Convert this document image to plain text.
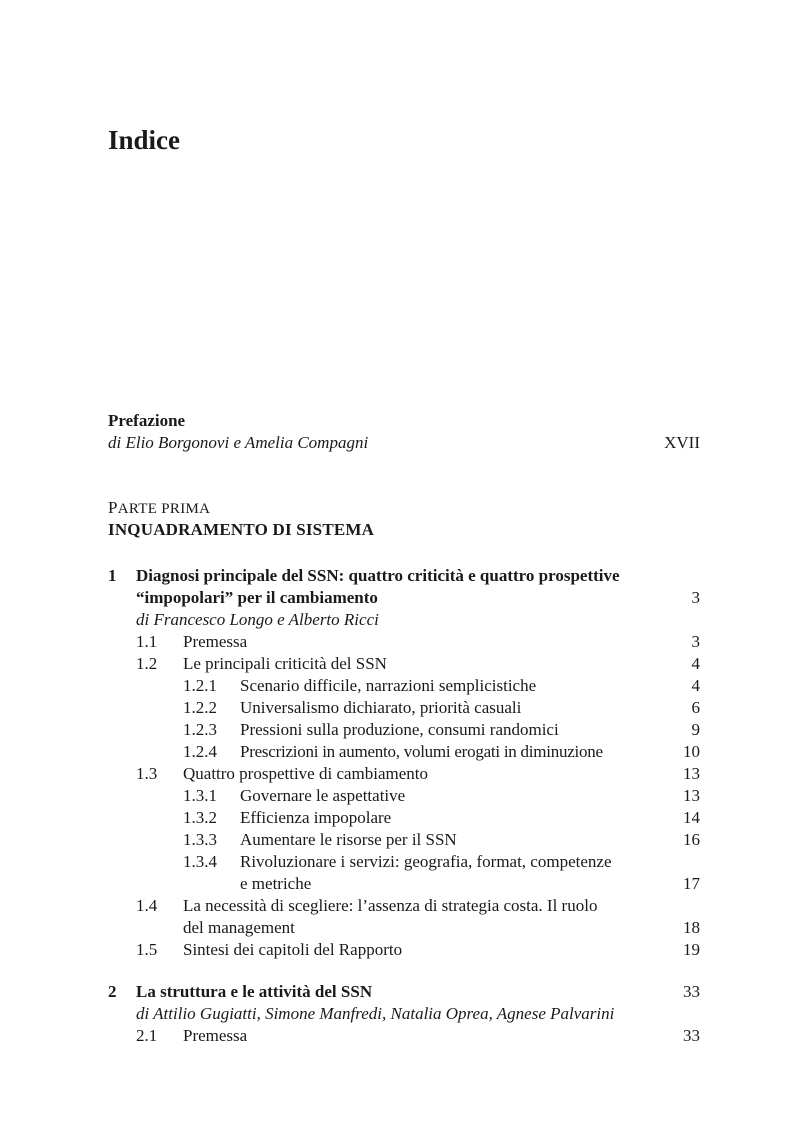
Indice
Prefazione
di Elio Borgonovi e Amelia Compagni	XVII
PARTE PRIMA
INQUADRAMENTO DI SISTEMA
1 Diagnosi principale del SSN: quattro criticità e quattro prospettive
“impopolari” per il cambiamento	3
di Francesco Longo e Alberto Ricci
1.1 Premessa	3
1.2 Le principali criticità del SSN	4
1.2.1 Scenario difficile, narrazioni semplicistiche	4
1.2.2 Universalismo dichiarato, priorità casuali	6
1.2.3 Pressioni sulla produzione, consumi randomici	9
1.2.4 Prescrizioni in aumento, volumi erogati in diminuzione	10
1.3 Quattro prospettive di cambiamento	13
1.3.1 Governare le aspettative	13
1.3.2 Efficienza impopolare	14
1.3.3 Aumentare le risorse per il SSN	16
1.3.4 Rivoluzionare i servizi: geografia, format, competenze
e metriche	17
1.4 La necessità di scegliere: l’assenza di strategia costa. Il ruolo
del management	18
1.5 Sintesi dei capitoli del Rapporto	19
2 La struttura e le attività del SSN	33
di Attilio Gugiatti, Simone Manfredi, Natalia Oprea, Agnese Palvarini
2.1 Premessa	33
